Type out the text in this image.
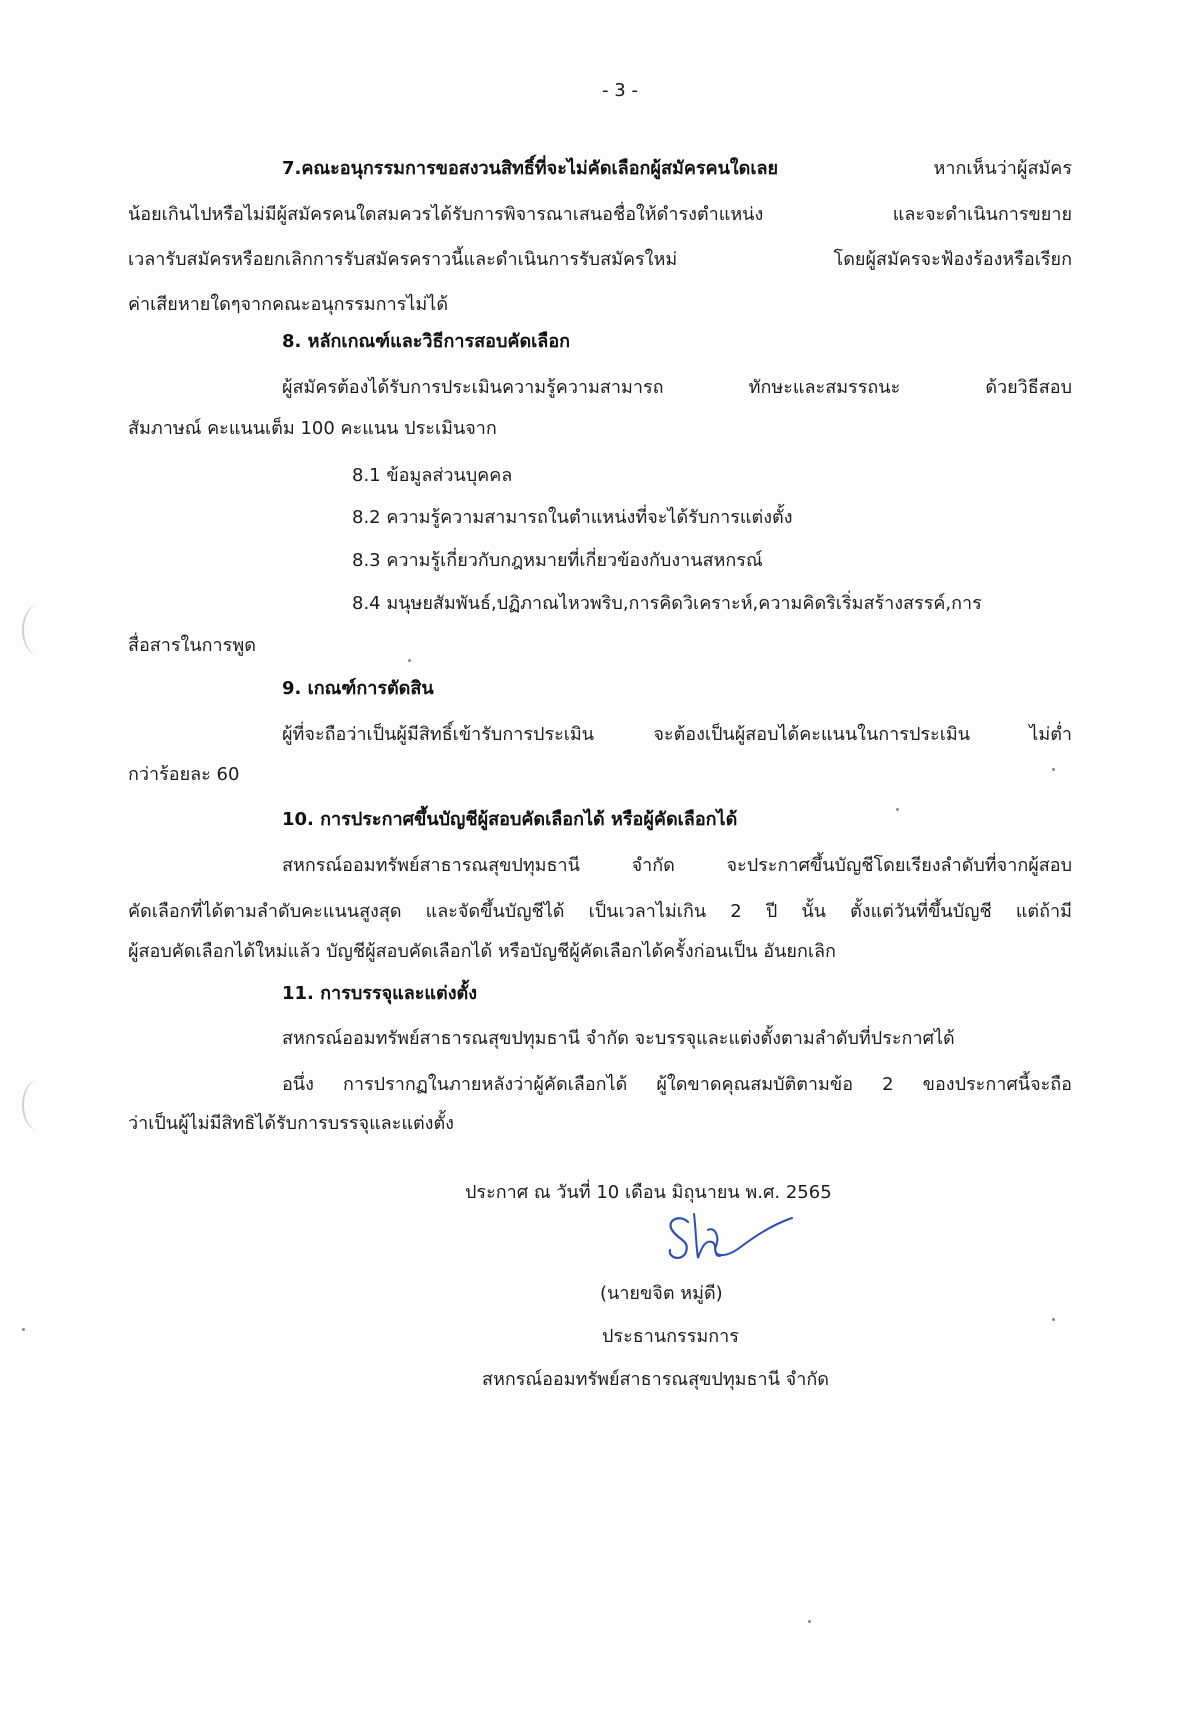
- 3 -
7.คณะอนุกรรมการขอสงวนสิทธิ์ที่จะไม่คัดเลือกผู้สมัครคนใดเลย	หากเห็นว่าผู้สมัคร
น้อยเกินไปหรือไม่มีผู้สมัครคนใดสมควรได้รับการพิจารณาเสนอชื่อให้ดำรงตำแหน่ง และจะดำเนินการขยาย
เวลารับสมัครหรือยกเลิกการรับสมัครคราวนี้และดำเนินการรับสมัครใหม่ โดยผู้สมัครจะฟ้องร้องหรือเรียก
ค่าเสียหายใดๆจากคณะอนุกรรมการไม่ได้
8. หลักเกณฑ์และวิธีการสอบคัดเลือก
ผู้สมัครต้องได้รับการประเมินความรู้ความสามารถ ทักษะและสมรรถนะ ด้วยวิธีสอบ
สัมภาษณ์ คะแนนเต็ม 100 คะแนน ประเมินจาก
8.1 ข้อมูลส่วนบุคคล
8.2 ความรู้ความสามารถในตำแหน่งที่จะได้รับการแต่งตั้ง
8.3 ความรู้เกี่ยวกับกฎหมายที่เกี่ยวข้องกับงานสหกรณ์
8.4 มนุษยสัมพันธ์,ปฏิภาณไหวพริบ,การคิดวิเคราะห์,ความคิดริเริ่มสร้างสรรค์,การ
สื่อสารในการพูด
9. เกณฑ์การตัดสิน
ผู้ที่จะถือว่าเป็นผู้มีสิทธิ์เข้ารับการประเมิน จะต้องเป็นผู้สอบได้คะแนนในการประเมิน ไม่ต่ำ
กว่าร้อยละ 60
10. การประกาศขึ้นบัญชีผู้สอบคัดเลือกได้ หรือผู้คัดเลือกได้
สหกรณ์ออมทรัพย์สาธารณสุขปทุมธานี จำกัด จะประกาศขึ้นบัญชีโดยเรียงลำดับที่จากผู้สอบ
คัดเลือกที่ได้ตามลำดับคะแนนสูงสุด และจัดขึ้นบัญชีได้ เป็นเวลาไม่เกิน 2 ปี นั้น ตั้งแต่วันที่ขึ้นบัญชี แต่ถ้ามี
ผู้สอบคัดเลือกได้ใหม่แล้ว บัญชีผู้สอบคัดเลือกได้ หรือบัญชีผู้คัดเลือกได้ครั้งก่อนเป็น อันยกเลิก
11. การบรรจุและแต่งตั้ง
สหกรณ์ออมทรัพย์สาธารณสุขปทุมธานี จำกัด จะบรรจุและแต่งตั้งตามลำดับที่ประกาศได้
อนึ่ง การปรากฏในภายหลังว่าผู้คัดเลือกได้ ผู้ใดขาดคุณสมบัติตามข้อ 2 ของประกาศนี้จะถือ
ว่าเป็นผู้ไม่มีสิทธิได้รับการบรรจุและแต่งตั้ง
ประกาศ ณ วันที่ 10 เดือน มิถุนายน พ.ศ. 2565
(นายขจิต หมู่ดี)
ประธานกรรมการ
สหกรณ์ออมทรัพย์สาธารณสุขปทุมธานี จำกัด
